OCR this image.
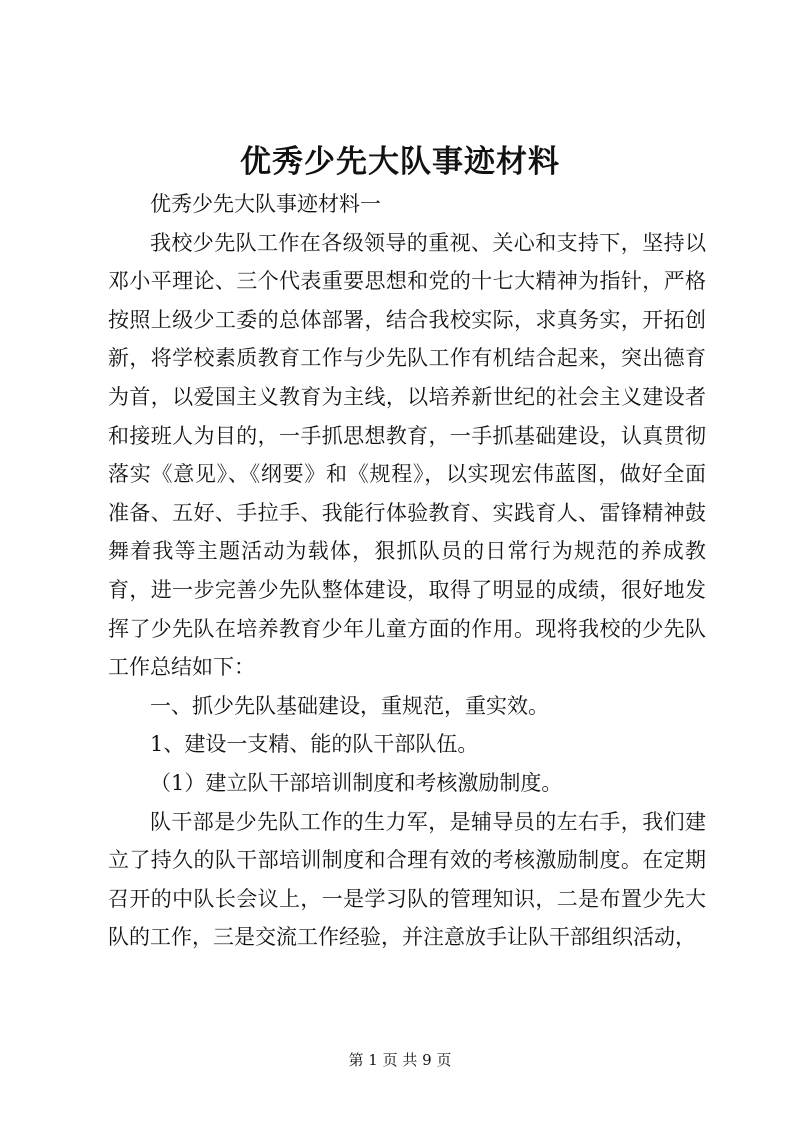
优秀少先大队事迹材料

优秀少先大队事迹材料一

我校少先队工作在各级领导的重视、关心和支持下，坚持以邓小平理论、三个代表重要思想和党的十七大精神为指针，严格按照上级少工委的总体部署，结合我校实际，求真务实，开拓创新，将学校素质教育工作与少先队工作有机结合起来，突出德育为首，以爱国主义教育为主线，以培养新世纪的社会主义建设者和接班人为目的，一手抓思想教育，一手抓基础建设，认真贯彻落实《意见》、《纲要》和《规程》，以实现宏伟蓝图，做好全面准备、五好、手拉手、我能行体验教育、实践育人、雷锋精神鼓舞着我等主题活动为载体，狠抓队员的日常行为规范的养成教育，进一步完善少先队整体建设，取得了明显的成绩，很好地发挥了少先队在培养教育少年儿童方面的作用。现将我校的少先队工作总结如下：

一、抓少先队基础建设，重规范，重实效。

1、建设一支精、能的队干部队伍。

（1）建立队干部培训制度和考核激励制度。

队干部是少先队工作的生力军，是辅导员的左右手，我们建立了持久的队干部培训制度和合理有效的考核激励制度。在定期召开的中队长会议上，一是学习队的管理知识，二是布置少先大队的工作，三是交流工作经验，并注意放手让队干部组织活动，

第 1 页 共 9 页
